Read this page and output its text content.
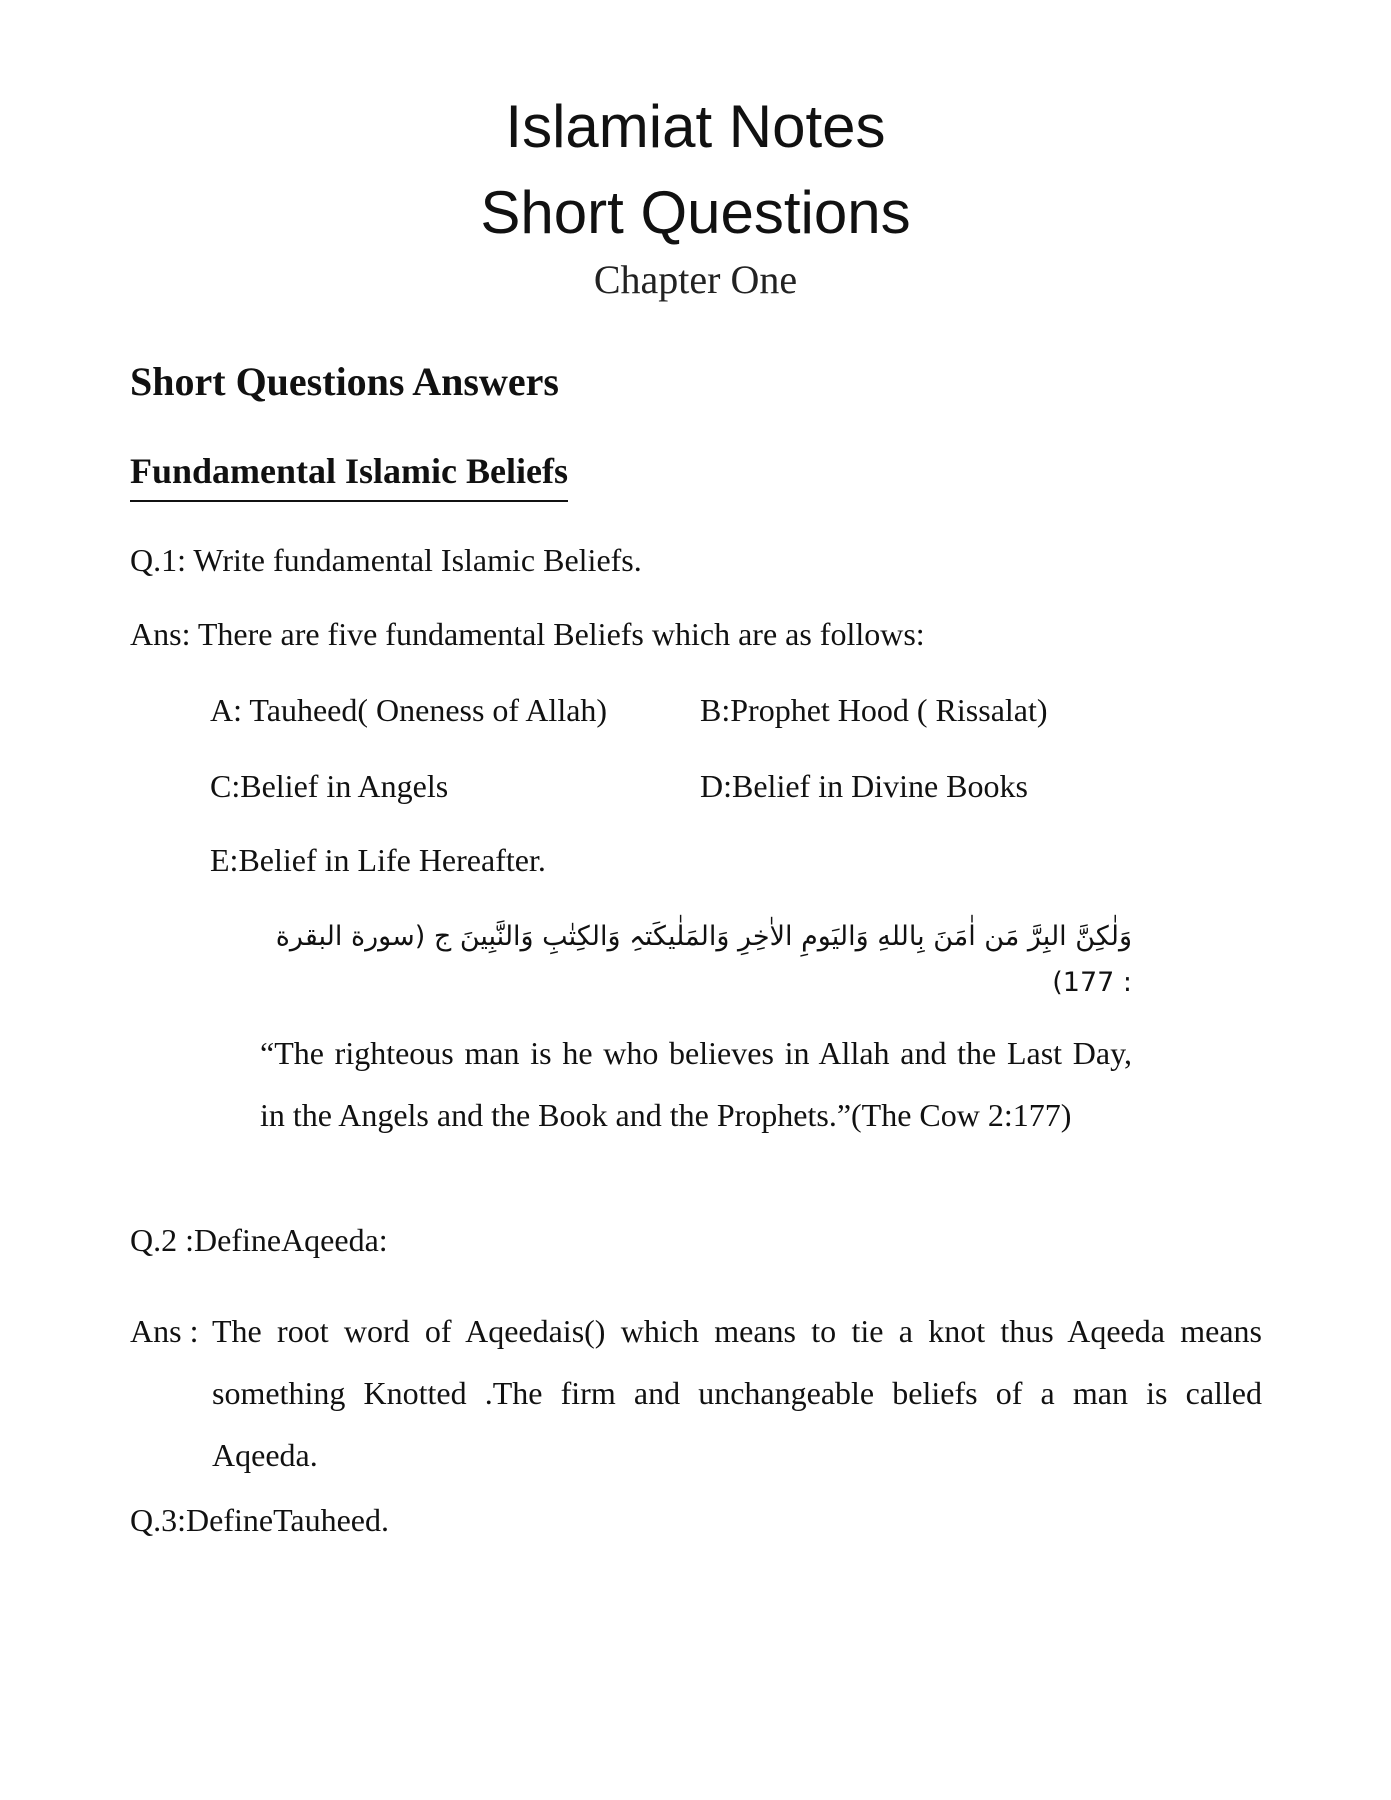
Islamiat Notes
Short Questions
Chapter One
Short Questions Answers
Fundamental Islamic Beliefs
Q.1: Write fundamental Islamic Beliefs.
Ans: There are five fundamental Beliefs which are as follows:
A: Tauheed( Oneness of Allah)	B:Prophet Hood ( Rissalat)
C:Belief in Angels	D:Belief in Divine Books
E:Belief in Life Hereafter.
وَلٰكِنَّ البِرَّ مَن اٰمَنَ بِاللهِ وَاليَومِ الاٰخِرِ وَالمَلٰيكَتہِ وَالكِتٰبِ وَالنَّبِينَ ج (سورة البقرة : 177)
“The righteous man is he who believes in Allah and the Last Day, in the Angels and the Book and the Prophets.”(The Cow 2:177)
Q.2 :DefineAqeeda:
Ans : The root word of Aqeedais() which means to tie a knot thus Aqeeda means something Knotted .The firm and unchangeable beliefs of a man is called Aqeeda.
Q.3:DefineTauheed.
